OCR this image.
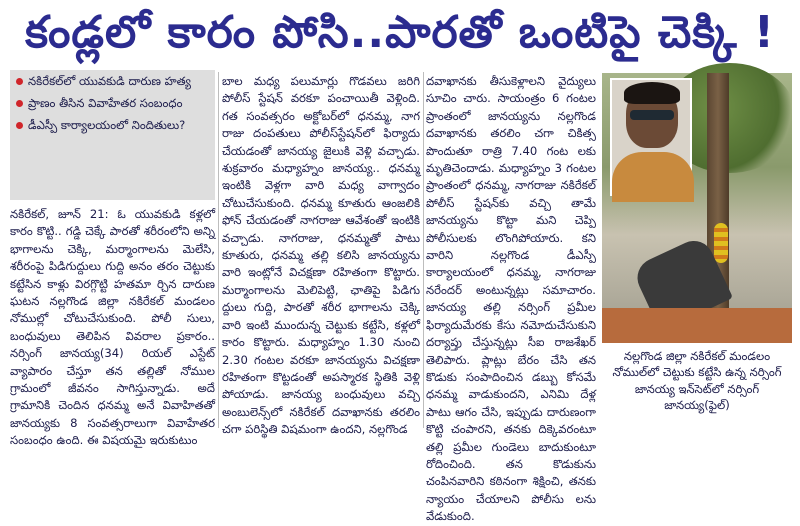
కండ్లలో కారం పోసి..పారతో ఒంటిపై చెక్కి !
నకిరేకల్‌లో యువకుడి దారుణ హత్య
ప్రాణం తీసిన వివాహేతర సంబంధం
డీఎస్పీ కార్యాలయంలో నిందితులు?

నకిరేకల్‌, జూన్‌ 21: ఓ యువకుడి కళ్లలో కారం కొట్టి.. గడ్డి చెక్కే పారతో శరీరంలోని అన్ని భాగాలను చెక్కి, మర్మాంగాలను మెలేసి, శరీరంపై పిడిగుద్దులు గుద్ది అనం తరం చెట్టుకు కట్టేసిన కాళ్లు విరగ్గొట్టి హతమా ర్చిన దారుణ ఘటన నల్లగొండ జిల్లా నకిరేకల్‌ మండలం నోముల్లో చోటుచేసుకుంది. పోలీ సులు, బంధువులు తెలిపిన వివరాల ప్రకారం.. నర్సింగ్‌ జానయ్య(34) రియల్‌ ఎస్టేట్‌ వ్యాపారం చేస్తూ తన తల్లితో నోముల గ్రామంలో జీవనం సాగిస్తున్నాడు. అదే గ్రామానికి చెందిన ధనమ్మ అనే వివాహితతో జానయ్యకు 8 సంవత్సరాలుగా వివాహేతర సంబంధం ఉంది. ఈ విషయమై ఇరుకుటుం

బాల మధ్య పలుమార్లు గొడవలు జరిగి పోలీస్‌ స్టేషన్‌ వరకూ పంచాయితీ వెళ్లింది. గత సంవత్సరం అక్టోబర్‌లో ధనమ్మ, నాగ రాజు దంపతులు పోలీస్‌స్టేషన్‌లో ఫిర్యాదు చేయడంతో జానయ్య జైలుకి వెళ్లి వచ్చాడు. శుక్రవారం మధ్యాహ్నం జానయ్య.. ధనమ్మ ఇంటికి వెళ్లగా వారి మధ్య వాగ్వాదం చోటుచేసుకుంది. ధనమ్మ కూతురు ఆంజలికి ఫోన్‌ చేయడంతో నాగరాజు ఆవేశంతో ఇంటికి వచ్చాడు. నాగరాజు, ధనమ్మతో పాటు కూతురు, ధనమ్మ తల్లి కలిసి జానయ్యను వారి ఇంట్లోనే విచక్షణా రహితంగా కొట్టారు. మర్మాంగాలను మెలిపెట్టి, ఛాతిపై పిడిగు ద్దులు గుద్ది, పారతో శరీర భాగాలను చెక్కి వారి ఇంటి ముందున్న చెట్టుకు కట్టేసి, కళ్లలో కారం కొట్టారు. మధ్యాహ్నం 1.30 నుంచి 2.30 గంటల వరకూ జానయ్యను విచక్షణా రహితంగా కొట్టడంతో అపస్మారక స్థితికి వెళ్లి పోయాడు. జానయ్య బంధువులు వచ్చి అంబులెన్స్‌లో నకిరేకల్‌ దవాఖానకు తరలిం చగా పరిస్థితి విషమంగా ఉందని, నల్లగొండ

దవాఖానకు తీసుకెళ్లాలని వైద్యులు సూచిం చారు. సాయంత్రం 6 గంటల ప్రాంతంలో జానయ్యను నల్లగొండ దవాఖానకు తరలిం చగా చికిత్స పొందుతూ రాత్రి 7.40 గంట లకు మృతిచెందాడు. మధ్యాహ్నం 3 గంటల ప్రాంతంలో ధనమ్మ, నాగరాజు నకిరేకల్‌ పోలీస్‌ స్టేషన్‌కు వచ్చి తామే జానయ్యను కొట్టా మని చెప్పి పోలీసులకు లొంగిపోయారు. కని వారిని నల్లగొండ డీఎస్పీ కార్యాలయంలో ధనమ్మ, నాగరాజు నరేందర్‌ అంటున్నట్లు సమాచారం. జానయ్య తల్లి నర్సింగ్‌ ప్రమీల ఫిర్యాదుమేరకు కేసు నమోదుచేసుకుని దర్యాప్తు చేస్తున్నట్లు సీఐ రాజశేఖర్‌ తెలిపారు. ప్లాట్లు బేరం చేసి తన కొడుకు సంపాదించిన డబ్బు కోసమే ధనమ్మ వాడుకుందని, ఎనిమి దేళ్ల పాటు ఆగం చేసి, ఇప్పుడు దారుణంగా కొట్టి చంపారని, తనకు దిక్కెవరంటూ తల్లి ప్రమీల గుండెలు బాదుకుంటూ రోదించింది. తన కొడుకును చంపినవారిని కఠినంగా శిక్షించి, తనకు న్యాయం చేయాలని పోలీసు లను వేడుకుంది.

నల్లగొండ జిల్లా నకిరేకల్‌ మండలం నోముల్‌లో చెట్టుకు కట్టేసి ఉన్న నర్సింగ్‌ జానయ్య ఇన్‌సెట్‌లో నర్సింగ్‌ జానయ్య(ఫైల్‌)
